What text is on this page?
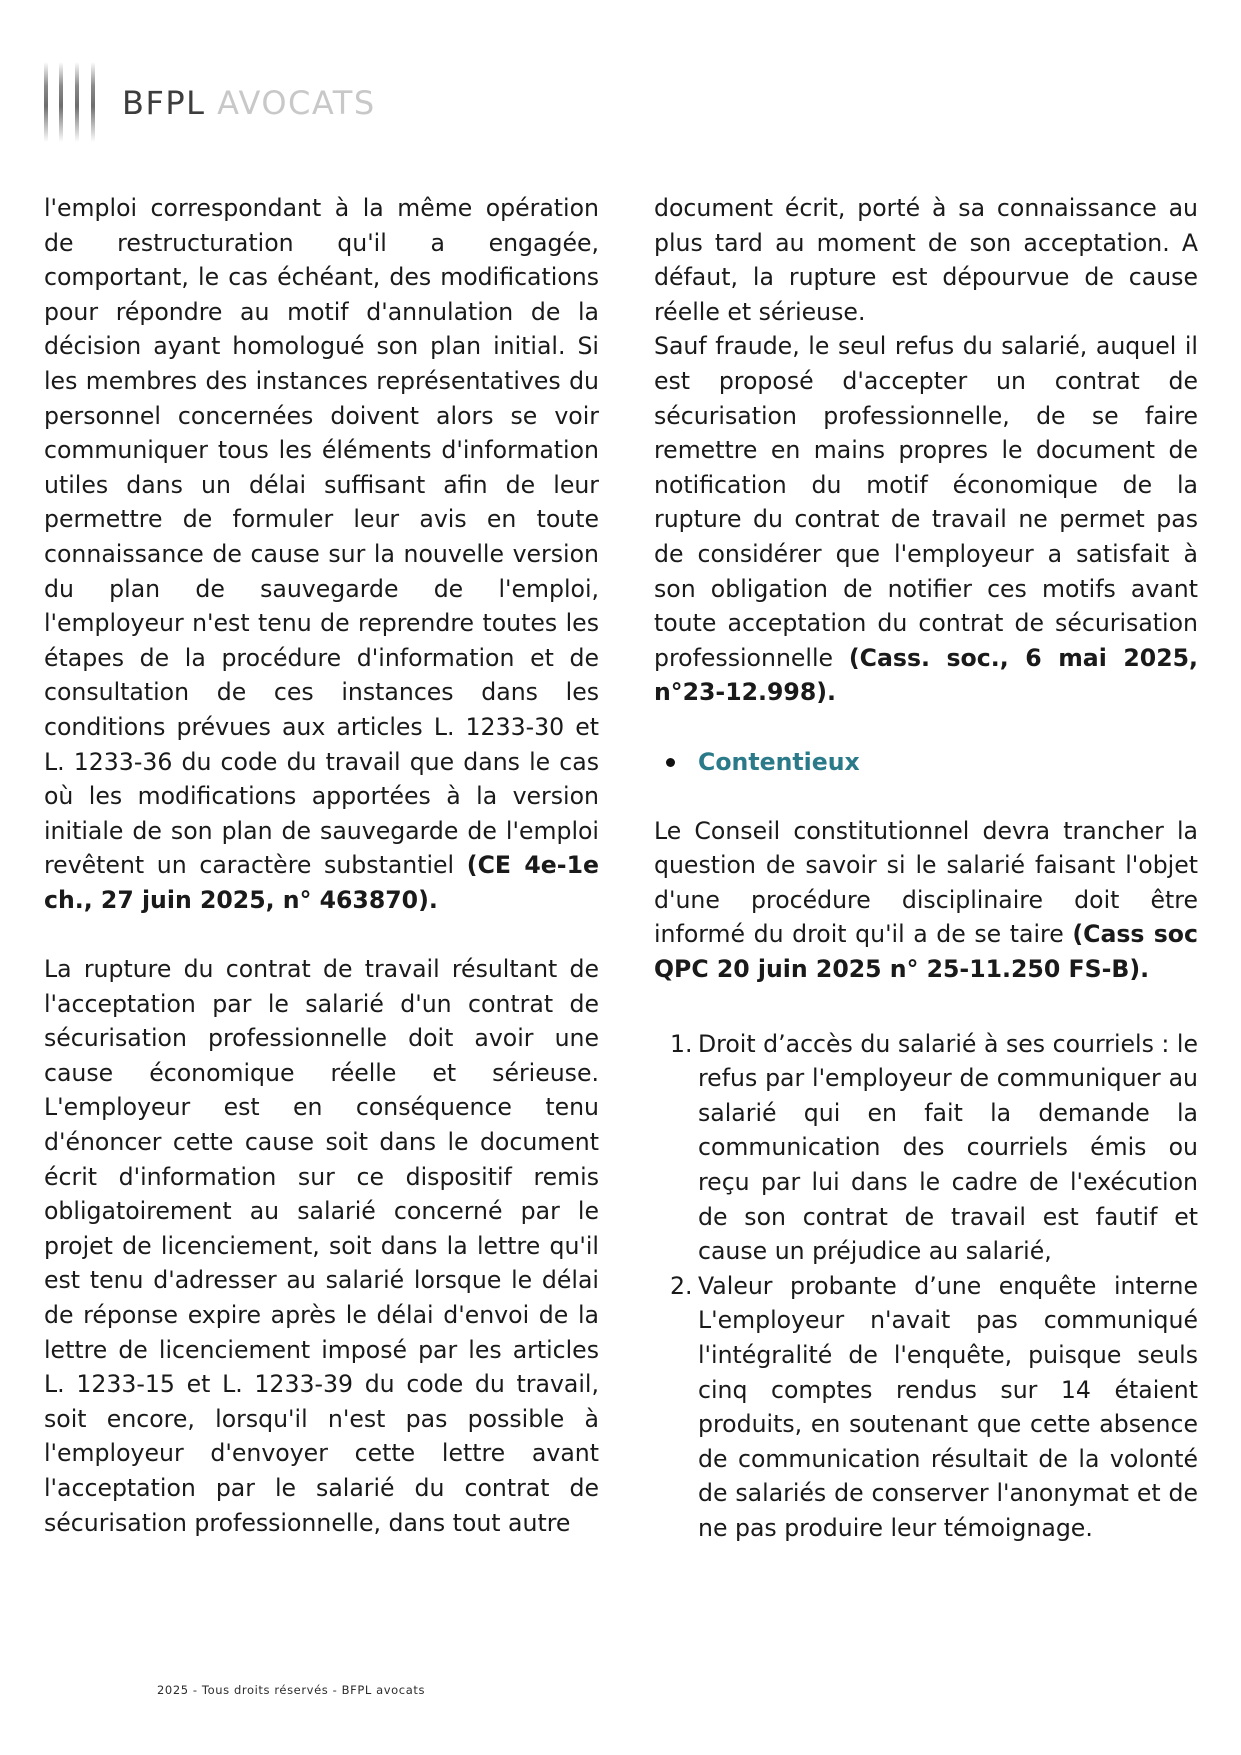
BFPL AVOCATS

l'emploi correspondant à la même opération de restructuration qu'il a engagée, comportant, le cas échéant, des modifications pour répondre au motif d'annulation de la décision ayant homologué son plan initial. Si les membres des instances représentatives du personnel concernées doivent alors se voir communiquer tous les éléments d'information utiles dans un délai suffisant afin de leur permettre de formuler leur avis en toute connaissance de cause sur la nouvelle version du plan de sauvegarde de l'emploi, l'employeur n'est tenu de reprendre toutes les étapes de la procédure d'information et de consultation de ces instances dans les conditions prévues aux articles L. 1233-30 et L. 1233-36 du code du travail que dans le cas où les modifications apportées à la version initiale de son plan de sauvegarde de l'emploi revêtent un caractère substantiel (CE 4e-1e ch., 27 juin 2025, n° 463870).

La rupture du contrat de travail résultant de l'acceptation par le salarié d'un contrat de sécurisation professionnelle doit avoir une cause économique réelle et sérieuse. L'employeur est en conséquence tenu d'énoncer cette cause soit dans le document écrit d'information sur ce dispositif remis obligatoirement au salarié concerné par le projet de licenciement, soit dans la lettre qu'il est tenu d'adresser au salarié lorsque le délai de réponse expire après le délai d'envoi de la lettre de licenciement imposé par les articles L. 1233-15 et L. 1233-39 du code du travail, soit encore, lorsqu'il n'est pas possible à l'employeur d'envoyer cette lettre avant l'acceptation par le salarié du contrat de sécurisation professionnelle, dans tout autre

document écrit, porté à sa connaissance au plus tard au moment de son acceptation. A défaut, la rupture est dépourvue de cause réelle et sérieuse.

Sauf fraude, le seul refus du salarié, auquel il est proposé d'accepter un contrat de sécurisation professionnelle, de se faire remettre en mains propres le document de notification du motif économique de la rupture du contrat de travail ne permet pas de considérer que l'employeur a satisfait à son obligation de notifier ces motifs avant toute acceptation du contrat de sécurisation professionnelle (Cass. soc., 6 mai 2025, n°23-12.998).

Contentieux

Le Conseil constitutionnel devra trancher la question de savoir si le salarié faisant l'objet d'une procédure disciplinaire doit être informé du droit qu'il a de se taire (Cass soc QPC 20 juin 2025 n° 25-11.250 FS-B).

1. Droit d’accès du salarié à ses courriels : le refus par l'employeur de communiquer au salarié qui en fait la demande la communication des courriels émis ou reçu par lui dans le cadre de l'exécution de son contrat de travail est fautif et cause un préjudice au salarié,
2. Valeur probante d’une enquête interne L'employeur n'avait pas communiqué l'intégralité de l'enquête, puisque seuls cinq comptes rendus sur 14 étaient produits, en soutenant que cette absence de communication résultait de la volonté de salariés de conserver l'anonymat et de ne pas produire leur témoignage.
2025 - Tous droits réservés - BFPL avocats
